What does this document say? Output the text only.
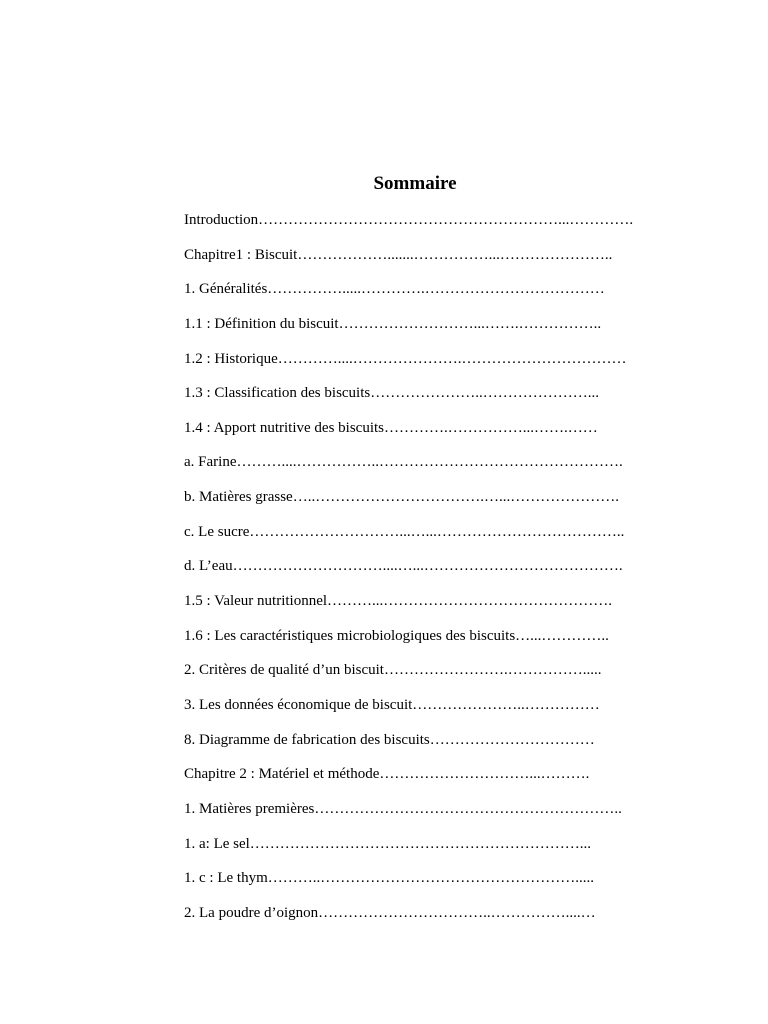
Sommaire
Introduction……………………………………………………...………….
Chapitre1 : Biscuit……………….......……………...…………………..
1. Généralités…………….....………….………………………………
1.1 : Définition du biscuit………………………...…….……………..
1.2 : Historique…………....………………….……………………………
1.3 : Classification des biscuits…………………..…………………...
1.4 : Apport nutritive des biscuits………….……………...…….……
a. Farine………....……………..………………………………………….
b. Matières grasse…..…………………………….…...………………….
c. Le sucre…………………………...…...………………………………..
d. L’eau…………………………....…...………………………………….
1.5 : Valeur nutritionnel………...……………………………………….
1.6 : Les caractéristiques microbiologiques des biscuits…...…………..
2. Critères de qualité d’un biscuit…………………….…………….....
3. Les données économique de biscuit…………………..……………
8. Diagramme de fabrication des biscuits……………………………
Chapitre 2 : Matériel et méthode…………………………...……….
1. Matières premières……………………………………………………..
1. a: Le sel…………………………………………………………...
1. c : Le thym………..…………………………………………….....
2. La poudre d’oignon……………………………..……………....…
